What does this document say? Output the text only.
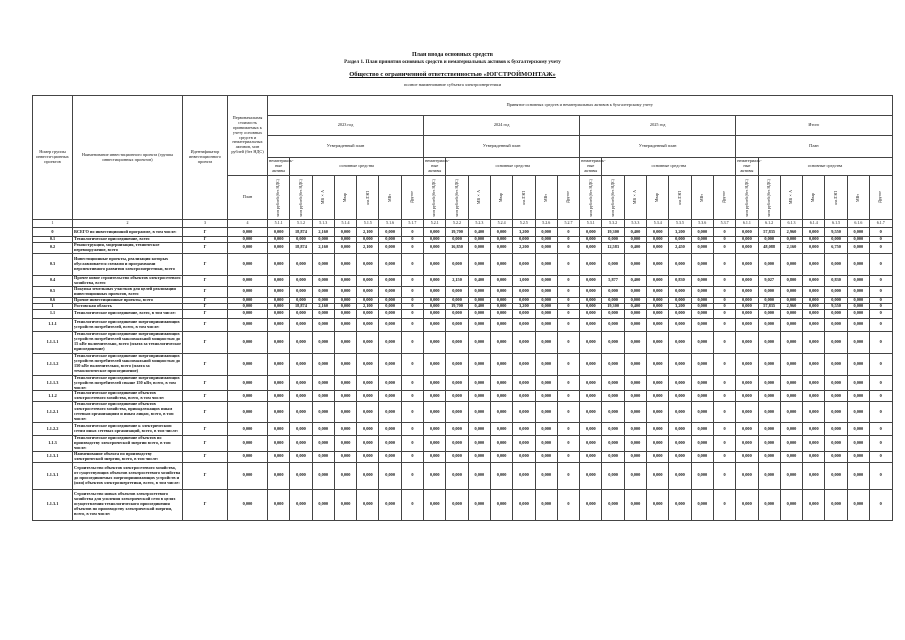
План ввода основных средств
Раздел 1. План принятия основных средств и нематериальных активов к бухгалтерскому учету
Общество с ограниченной ответственностью «ЮГСТРОЙМОНТАЖ»
полное наименование субъекта электроэнергетики
Номер группы инвести-ционных проектов	Наименование инвестиционного проекта (группы инвестиционных проектов)	Идентификатор инвестиционного проекта	Первоначальная стоимость принимаемых к учету основных средств и нематериальных активов, млн рублей (без НДС)	Принятие основных средств и нематериальных активов к бухгалтерскому учету																											
				2023 год							2024 год							2025 год							Итого						
				Утвержденный план							Утвержденный план							Утвержденный план							План						
				нематериаль-ные активы	основные средства						нематериаль-ные активы	основные средства						нематериаль-ные активы	основные средства						нематериаль-ные активы	основные средства					
			План	млн рублей (без НДС)	млн рублей (без НДС)	МВ×А	Мвар	км ЛЭП	МВт	Другое	млн рублей (без НДС)	млн рублей (без НДС)	МВ×А	Мвар	км ЛЭП	МВт	Другое	млн рублей (без НДС)	млн рублей (без НДС)	МВ×А	Мвар	км ЛЭП	МВт	Другое	млн рублей (без НДС)	млн рублей (без НДС)	МВ×А	Мвар	км ЛЭП	МВт	Другое

1	2	3	4	5.1.1	5.1.2	5.1.3	5.1.4	5.1.5	5.1.6	5.1.7	5.2.1	5.2.2	5.2.3	5.2.4	5.2.5	5.2.6	5.2.7	5.3.1	5.3.2	5.3.3	5.3.4	5.3.5	5.3.6	5.3.7	6.1.1	6.1.2	6.1.3	6.1.4	6.1.5	6.1.6	6.1.7
0	ВСЕГО по инвестиционной программе, в том числе:	Г	0,000	0,000	18,874	2,160	0,000	2,100	0,000	0	0,000	19,700	0,400	0,000	3,200	0,000	0	0,000	19,300	0,400	0,000	3,200	0,000	0	0,000	57,835	2,960	0,000	9,550	0,000	0
0.1	Технологическое присоединение, всего	Г	0,000	0,000	0,000	0,000	0,000	0,000	0,000	0	0,000	0,000	0,000	0,000	0,000	0,000	0	0,000	0,000	0,000	0,000	0,000	0,000	0	0,000	0,000	0,000	0,000	0,000	0,000	0
0.2	Реконструкция, модернизация, техническое перевооружение, всего	Г	0,000	0,000	18,874	2,160	0,000	2,100	0,000	0	0,000	16,850	0,000	0,000	2,200	0,000	0	0,000	12,583	0,400	0,000	2,450	0,000	0	0,000	48,088	2,160	0,000	6,750	0,000	0
0.3	Инвестиционные проекты, реализация которых обуславливается схемами и программами перспективного развития электроэнергетики, всего	Г	0,000	0,000	0,000	0,000	0,000	0,000	0,000	0	0,000	0,000	0,000	0,000	0,000	0,000	0	0,000	0,000	0,000	0,000	0,000	0,000	0	0,000	0,000	0,000	0,000	0,000	0,000	0
0.4	Прочее новое строительство объектов электросетевого хозяйства, всего	Г	0,000	0,000	0,000	0,000	0,000	0,000	0,000	0	0,000	2,150	0,400	0,000	1,000	0,000	0	0,000	5,877	0,400	0,000	0,830	0,000	0	0,000	9,027	0,800	0,000	0,830	0,000	0
0.5	Покупка земельных участков для целей реализации инвестиционных проектов, всего	Г	0,000	0,000	0,000	0,000	0,000	0,000	0,000	0	0,000	0,000	0,000	0,000	0,000	0,000	0	0,000	0,000	0,000	0,000	0,000	0,000	0	0,000	0,000	0,000	0,000	0,000	0,000	0
0.6	Прочие инвестиционные проекты, всего	Г	0,000	0,000	0,000	0,000	0,000	0,000	0,000	0	0,000	0,000	0,000	0,000	0,000	0,000	0	0,000	0,000	0,000	0,000	0,000	0,000	0	0,000	0,000	0,000	0,000	0,000	0,000	0
1	Ростовская область	Г	0,000	0,000	18,874	2,160	0,000	2,100	0,000	0	0,000	19,700	0,400	0,000	3,200	0,000	0	0,000	19,300	0,400	0,000	3,200	0,000	0	0,000	57,835	2,960	0,000	9,550	0,000	0
1.1	Технологическое присоединение, всего, в том числе:	Г	0,000	0,000	0,000	0,000	0,000	0,000	0,000	0	0,000	0,000	0,000	0,000	0,000	0,000	0	0,000	0,000	0,000	0,000	0,000	0,000	0	0,000	0,000	0,000	0,000	0,000	0,000	0
1.1.1	Технологическое присоединение энергопринимающих устройств потребителей, всего, в том числе:	Г	0,000	0,000	0,000	0,000	0,000	0,000	0,000	0	0,000	0,000	0,000	0,000	0,000	0,000	0	0,000	0,000	0,000	0,000	0,000	0,000	0	0,000	0,000	0,000	0,000	0,000	0,000	0
1.1.1.1	Технологическое присоединение энергопринимающих устройств потребителей максимальной мощностью до 15 кВт включительно, всего (плата за технологическое присоединение)	Г	0,000	0,000	0,000	0,000	0,000	0,000	0,000	0	0,000	0,000	0,000	0,000	0,000	0,000	0	0,000	0,000	0,000	0,000	0,000	0,000	0	0,000	0,000	0,000	0,000	0,000	0,000	0
1.1.1.2	Технологическое присоединение энергопринимающих устройств потребителей максимальной мощностью до 150 кВт включительно, всего (плата за технологическое присоединение)	Г	0,000	0,000	0,000	0,000	0,000	0,000	0,000	0	0,000	0,000	0,000	0,000	0,000	0,000	0	0,000	0,000	0,000	0,000	0,000	0,000	0	0,000	0,000	0,000	0,000	0,000	0,000	0
1.1.1.3	Технологическое присоединение энергопринимающих устройств потребителей свыше 150 кВт, всего, в том числе:	Г	0,000	0,000	0,000	0,000	0,000	0,000	0,000	0	0,000	0,000	0,000	0,000	0,000	0,000	0	0,000	0,000	0,000	0,000	0,000	0,000	0	0,000	0,000	0,000	0,000	0,000	0,000	0
1.1.2	Технологическое присоединение объектов электросетевого хозяйства, всего, в том числе:	Г	0,000	0,000	0,000	0,000	0,000	0,000	0,000	0	0,000	0,000	0,000	0,000	0,000	0,000	0	0,000	0,000	0,000	0,000	0,000	0,000	0	0,000	0,000	0,000	0,000	0,000	0,000	0
1.1.2.1	Технологическое присоединение объектов электросетевого хозяйства, принадлежащих иным сетевым организациям и иным лицам, всего, в том числе:	Г	0,000	0,000	0,000	0,000	0,000	0,000	0,000	0	0,000	0,000	0,000	0,000	0,000	0,000	0	0,000	0,000	0,000	0,000	0,000	0,000	0	0,000	0,000	0,000	0,000	0,000	0,000	0
1.1.2.2	Технологическое присоединение к электрическим сетям иных сетевых организаций, всего, в том числе:	Г	0,000	0,000	0,000	0,000	0,000	0,000	0,000	0	0,000	0,000	0,000	0,000	0,000	0,000	0	0,000	0,000	0,000	0,000	0,000	0,000	0	0,000	0,000	0,000	0,000	0,000	0,000	0
1.1.3	Технологическое присоединение объектов по производству электрической энергии всего, в том числе:	Г	0,000	0,000	0,000	0,000	0,000	0,000	0,000	0	0,000	0,000	0,000	0,000	0,000	0,000	0	0,000	0,000	0,000	0,000	0,000	0,000	0	0,000	0,000	0,000	0,000	0,000	0,000	0
1.1.3.1	Наименование объекта по производству электрической энергии, всего, в том числе:	Г	0,000	0,000	0,000	0,000	0,000	0,000	0,000	0	0,000	0,000	0,000	0,000	0,000	0,000	0	0,000	0,000	0,000	0,000	0,000	0,000	0	0,000	0,000	0,000	0,000	0,000	0,000	0
1.1.3.1	Строительство объектов электросетевого хозяйства, от существующих объектов электросетевого хозяйства до присоединяемых энергопринимающих устройств и (или) объектов электроэнергетики, всего, в том числе:	Г	0,000	0,000	0,000	0,000	0,000	0,000	0,000	0	0,000	0,000	0,000	0,000	0,000	0,000	0	0,000	0,000	0,000	0,000	0,000	0,000	0	0,000	0,000	0,000	0,000	0,000	0,000	0
1.1.3.1	Строительство новых объектов электросетевого хозяйства для усиления электрической сети в целях осуществления технологического присоединения объектов по производству электрической энергии, всего, в том числе:	Г	0,000	0,000	0,000	0,000	0,000	0,000	0,000	0	0,000	0,000	0,000	0,000	0,000	0,000	0	0,000	0,000	0,000	0,000	0,000	0,000	0	0,000	0,000	0,000	0,000	0,000	0,000	0
